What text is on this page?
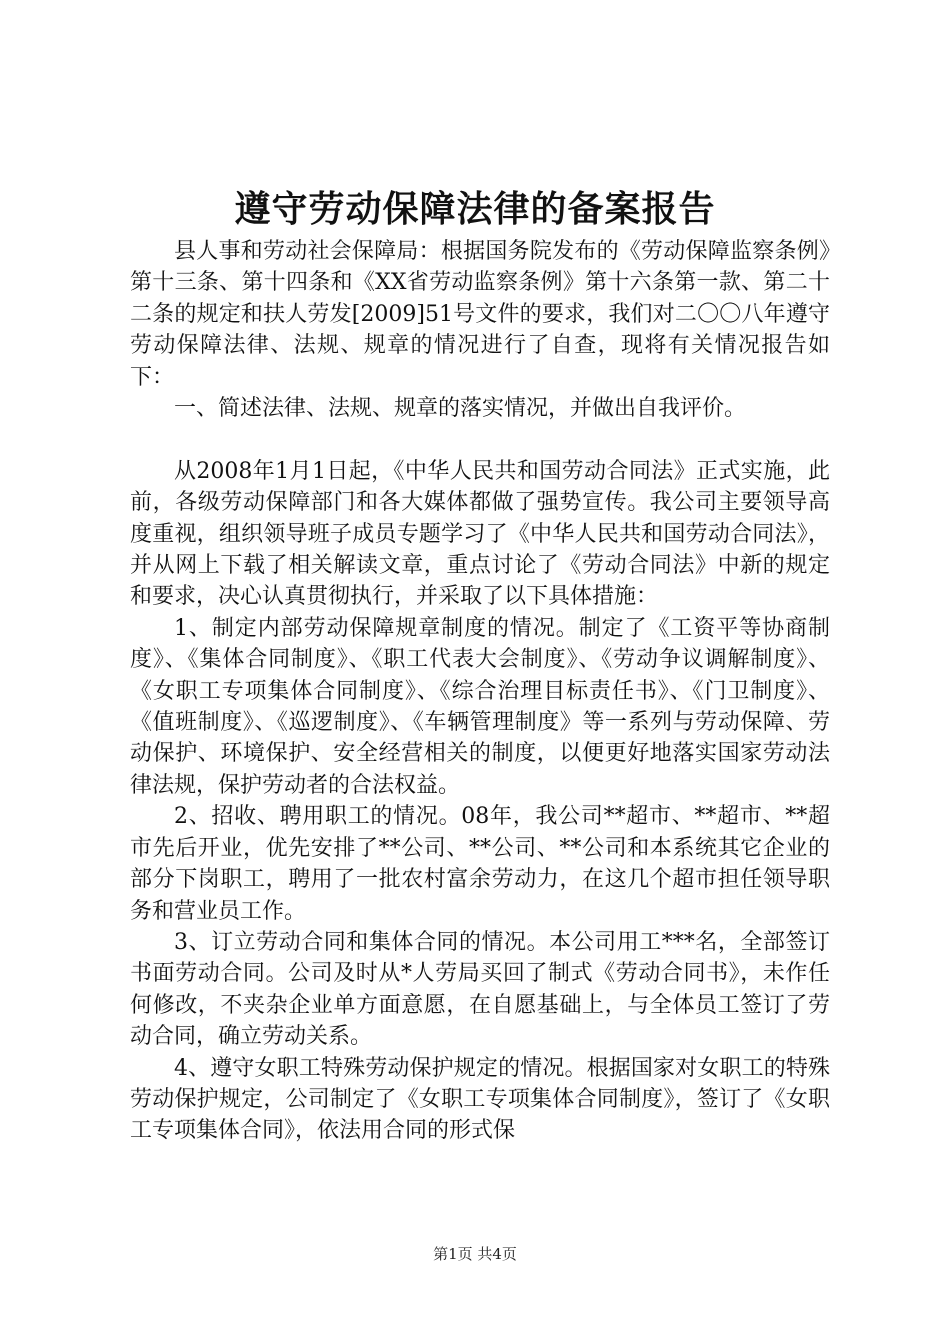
遵守劳动保障法律的备案报告

县人事和劳动社会保障局：根据国务院发布的《劳动保障监察条例》第十三条、第十四条和《XX省劳动监察条例》第十六条第一款、第二十二条的规定和扶人劳发[2009]51号文件的要求，我们对二〇〇八年遵守劳动保障法律、法规、规章的情况进行了自查，现将有关情况报告如下：

一、简述法律、法规、规章的落实情况，并做出自我评价。

从2008年1月1日起，《中华人民共和国劳动合同法》正式实施，此前，各级劳动保障部门和各大媒体都做了强势宣传。我公司主要领导高度重视，组织领导班子成员专题学习了《中华人民共和国劳动合同法》，并从网上下载了相关解读文章，重点讨论了《劳动合同法》中新的规定和要求，决心认真贯彻执行，并采取了以下具体措施：

1、制定内部劳动保障规章制度的情况。制定了《工资平等协商制度》、《集体合同制度》、《职工代表大会制度》、《劳动争议调解制度》、《女职工专项集体合同制度》、《综合治理目标责任书》、《门卫制度》、《值班制度》、《巡逻制度》、《车辆管理制度》等一系列与劳动保障、劳动保护、环境保护、安全经营相关的制度，以便更好地落实国家劳动法律法规，保护劳动者的合法权益。

2、招收、聘用职工的情况。08年，我公司**超市、**超市、**超市先后开业，优先安排了**公司、**公司、**公司和本系统其它企业的部分下岗职工，聘用了一批农村富余劳动力，在这几个超市担任领导职务和营业员工作。

3、订立劳动合同和集体合同的情况。本公司用工***名，全部签订书面劳动合同。公司及时从*人劳局买回了制式《劳动合同书》，未作任何修改，不夹杂企业单方面意愿，在自愿基础上，与全体员工签订了劳动合同，确立劳动关系。

4、遵守女职工特殊劳动保护规定的情况。根据国家对女职工的特殊劳动保护规定，公司制定了《女职工专项集体合同制度》，签订了《女职工专项集体合同》，依法用合同的形式保

第1页 共4页
